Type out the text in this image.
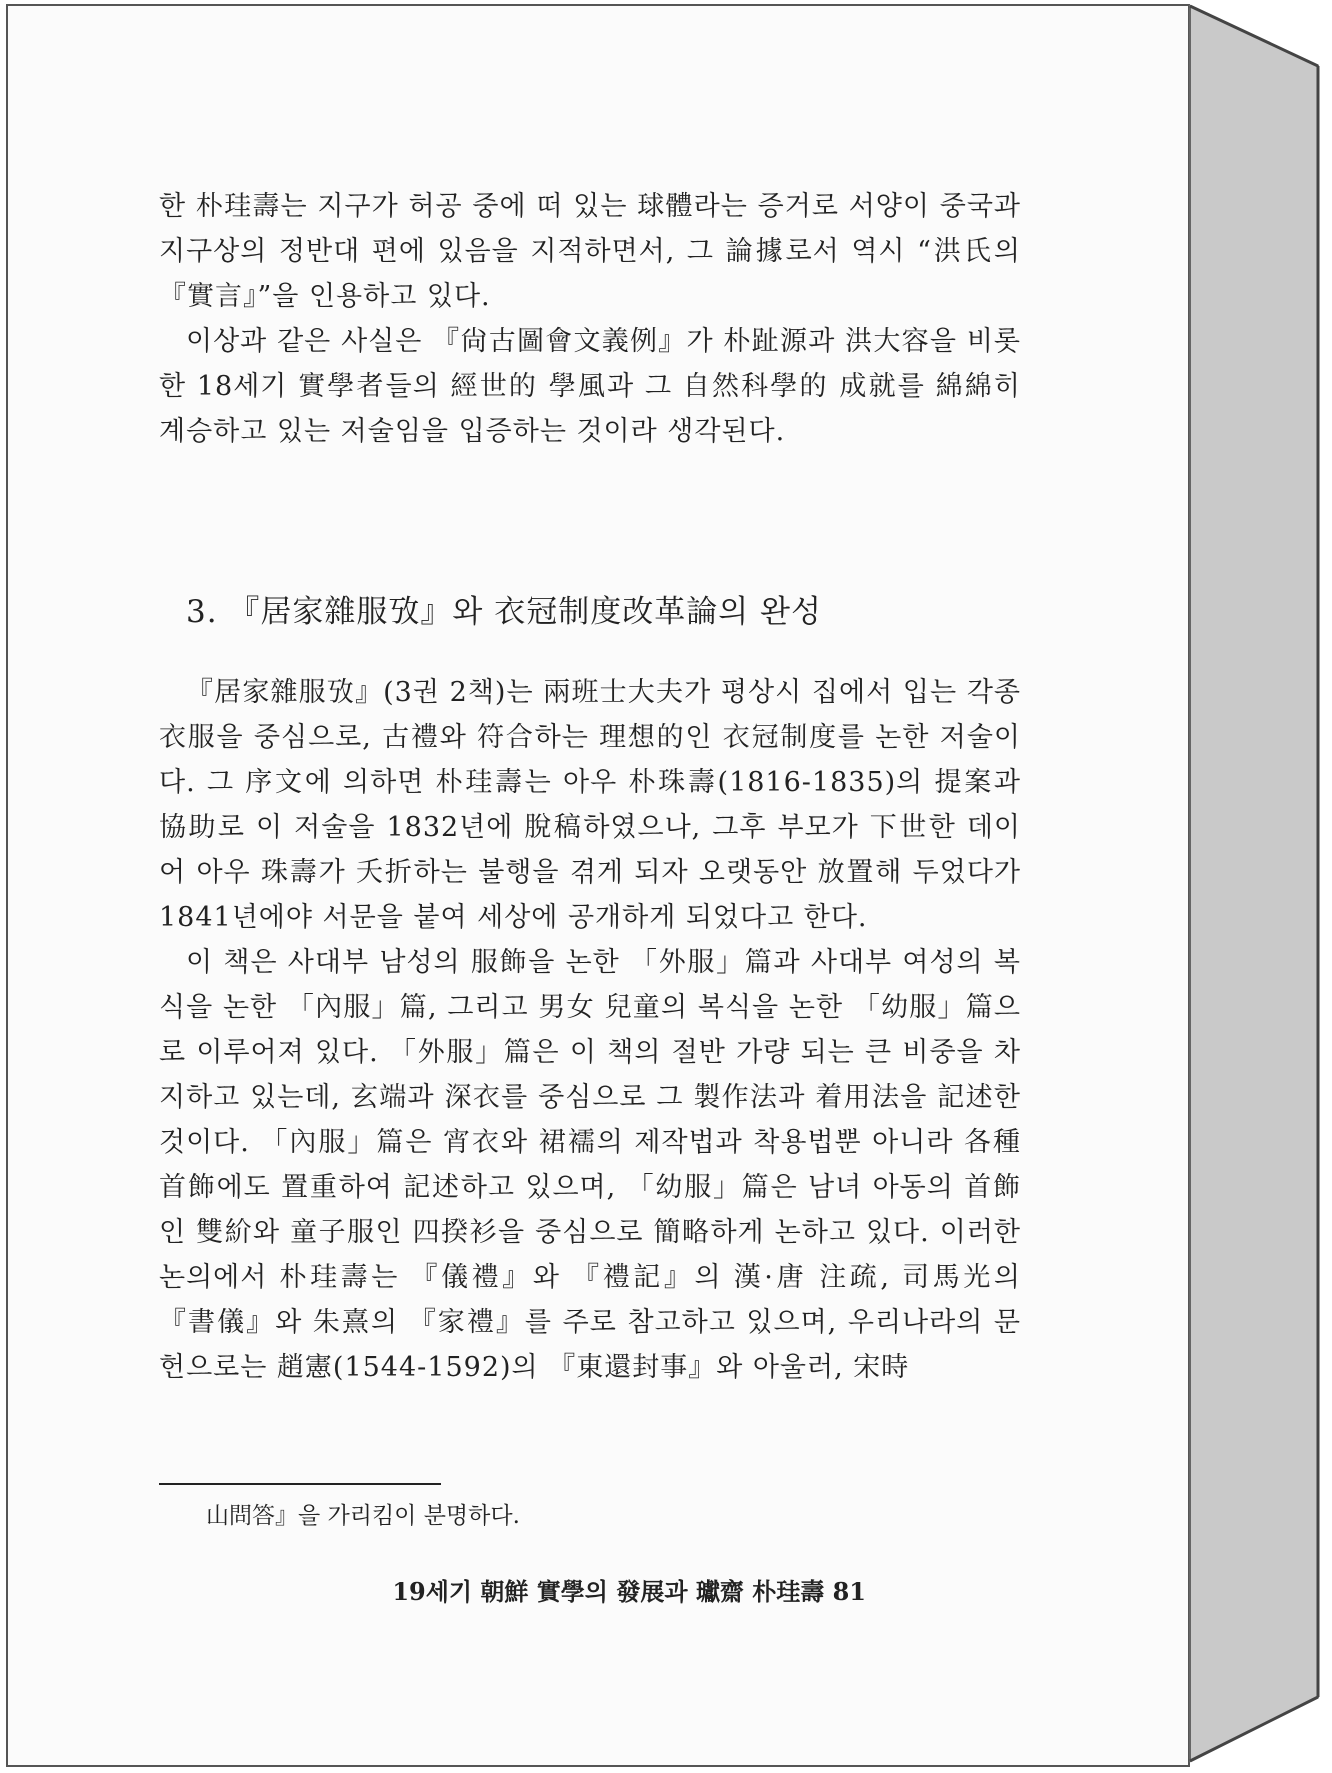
한 朴珪壽는 지구가 허공 중에 떠 있는 球體라는 증거로 서양이 중국과 지구상의 정반대 편에 있음을 지적하면서, 그 論據로서 역시 “洪氏의 『實言』”을 인용하고 있다.

이상과 같은 사실은 『尙古圖會文義例』가 朴趾源과 洪大容을 비롯한 18세기 實學者들의 經世的 學風과 그 自然科學的 成就를 綿綿히 계승하고 있는 저술임을 입증하는 것이라 생각된다.

3. 『居家雜服攷』와 衣冠制度改革論의 완성

『居家雜服攷』(3권 2책)는 兩班士大夫가 평상시 집에서 입는 각종 衣服을 중심으로, 古禮와 符合하는 理想的인 衣冠制度를 논한 저술이다. 그 序文에 의하면 朴珪壽는 아우 朴珠壽(1816-1835)의 提案과 協助로 이 저술을 1832년에 脫稿하였으나, 그후 부모가 下世한 데이어 아우 珠壽가 夭折하는 불행을 겪게 되자 오랫동안 放置해 두었다가 1841년에야 서문을 붙여 세상에 공개하게 되었다고 한다.

이 책은 사대부 남성의 服飾을 논한 「外服」篇과 사대부 여성의 복식을 논한 「內服」篇, 그리고 男女 兒童의 복식을 논한 「幼服」篇으로 이루어져 있다. 「外服」篇은 이 책의 절반 가량 되는 큰 비중을 차지하고 있는데, 玄端과 深衣를 중심으로 그 製作法과 着用法을 記述한 것이다. 「內服」篇은 宵衣와 裙襦의 제작법과 착용법뿐 아니라 各種 首飾에도 置重하여 記述하고 있으며, 「幼服」篇은 남녀 아동의 首飾인 雙紒와 童子服인 四揆衫을 중심으로 簡略하게 논하고 있다. 이러한 논의에서 朴珪壽는 『儀禮』와 『禮記』의 漢·唐 注疏, 司馬光의 『書儀』와 朱熹의 『家禮』를 주로 참고하고 있으며, 우리나라의 문헌으로는 趙憲(1544-1592)의 『東還封事』와 아울러, 宋時

山問答』을 가리킴이 분명하다.
19세기 朝鮮 實學의 發展과 瓛齋 朴珪壽 81
